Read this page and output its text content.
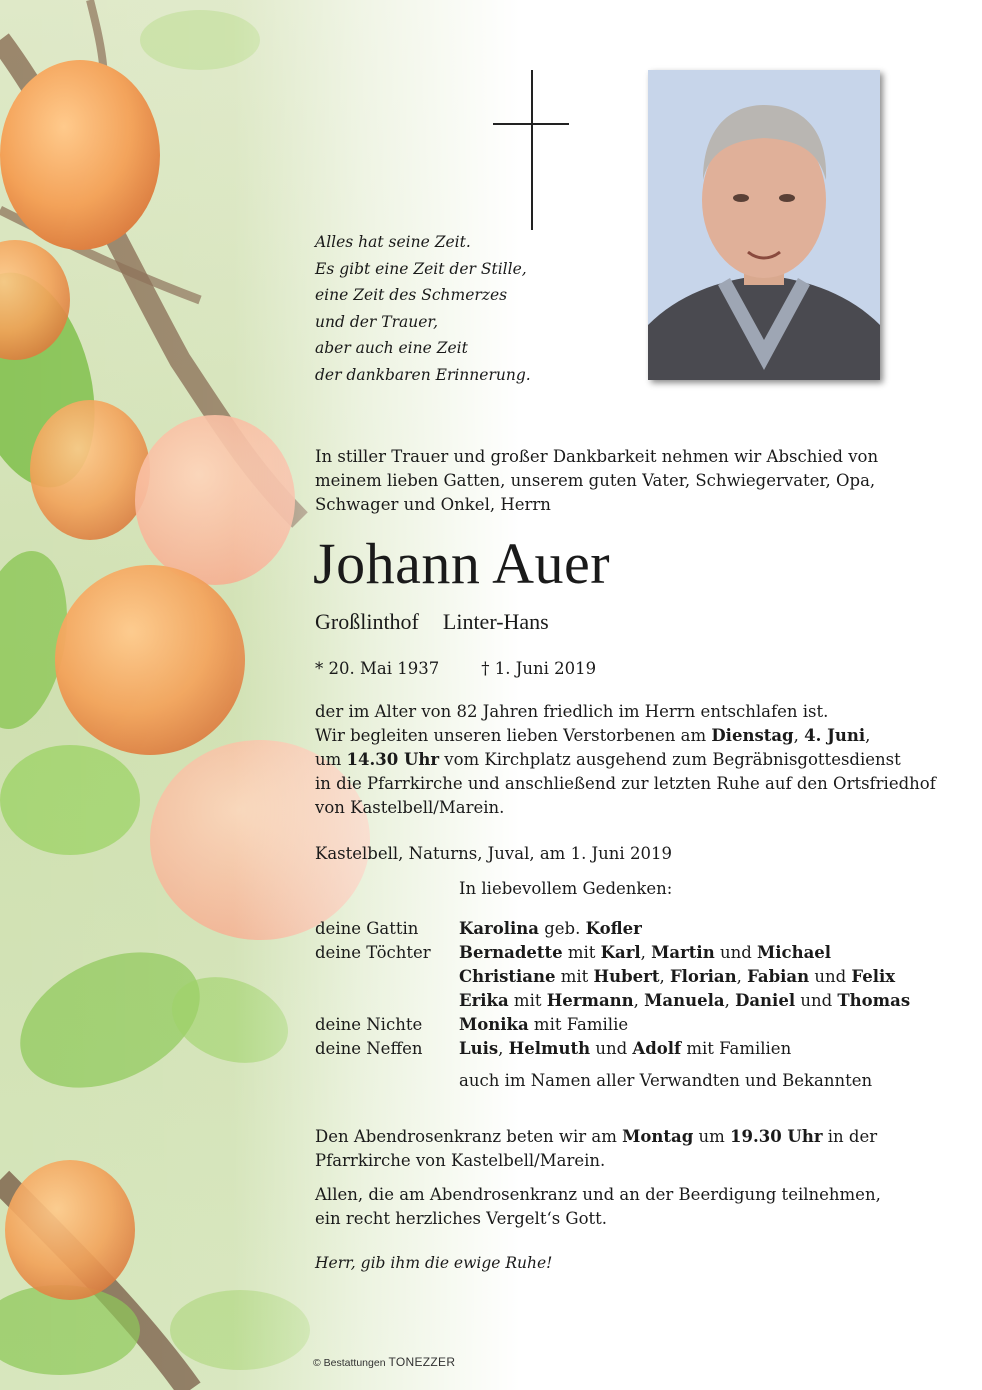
Alles hat seine Zeit.
Es gibt eine Zeit der Stille,
eine Zeit des Schmerzes
und der Trauer,
aber auch eine Zeit
der dankbaren Erinnerung.
In stiller Trauer und großer Dankbarkeit nehmen wir Abschied von
meinem lieben Gatten, unserem guten Vater, Schwiegervater, Opa,
Schwager und Onkel, Herrn
Johann Auer
Großlinthof Linter-Hans
* 20. Mai 1937	† 1. Juni 2019
der im Alter von 82 Jahren friedlich im Herrn entschlafen ist.
Wir begleiten unseren lieben Verstorbenen am Dienstag, 4. Juni,
um 14.30 Uhr vom Kirchplatz ausgehend zum Begräbnisgottesdienst
in die Pfarrkirche und anschließend zur letzten Ruhe auf den Ortsfriedhof
von Kastelbell/Marein.
Kastelbell, Naturns, Juval, am 1. Juni 2019
In liebevollem Gedenken:
deine Gattin	Karolina geb. Kofler
deine Töchter	Bernadette mit Karl, Martin und Michael
Christiane mit Hubert, Florian, Fabian und Felix
Erika mit Hermann, Manuela, Daniel und Thomas
deine Nichte	Monika mit Familie
deine Neffen	Luis, Helmuth und Adolf mit Familien
auch im Namen aller Verwandten und Bekannten
Den Abendrosenkranz beten wir am Montag um 19.30 Uhr in der
Pfarrkirche von Kastelbell/Marein.
Allen, die am Abendrosenkranz und an der Beerdigung teilnehmen,
ein recht herzliches Vergelt‘s Gott.
Herr, gib ihm die ewige Ruhe!
© Bestattungen TONEZZER
